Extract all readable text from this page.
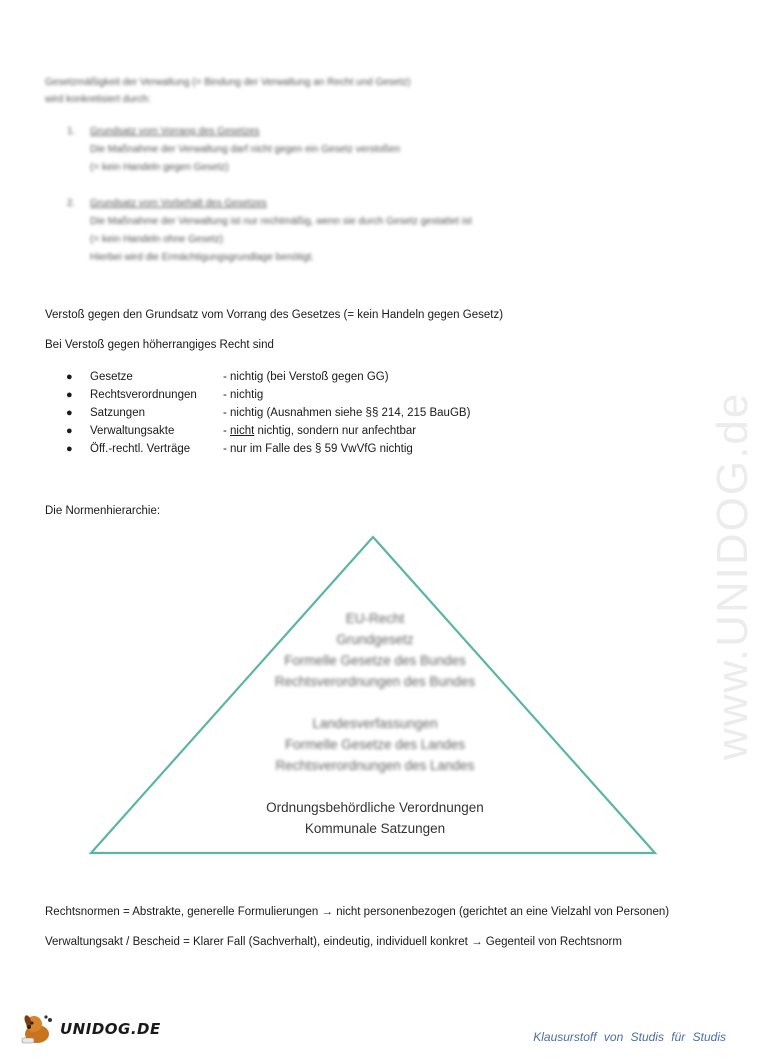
www.UNIDOG.de
Gesetzmäßigkeit der Verwaltung (= Bindung der Verwaltung an Recht und Gesetz)
wird konkretisiert durch:
1. Grundsatz vom Vorrang des Gesetzes
Die Maßnahme der Verwaltung darf nicht gegen ein Gesetz verstoßen
(= kein Handeln gegen Gesetz)
2. Grundsatz vom Vorbehalt des Gesetzes
Die Maßnahme der Verwaltung ist nur rechtmäßig, wenn sie durch Gesetz gestattet ist
(= kein Handeln ohne Gesetz)
Hierbei wird die Ermächtigungsgrundlage benötigt.
Verstoß gegen den Grundsatz vom Vorrang des Gesetzes (= kein Handeln gegen Gesetz)
Bei Verstoß gegen höherrangiges Recht sind
● Gesetze	- nichtig (bei Verstoß gegen GG)
● Rechtsverordnungen - nichtig
● Satzungen	- nichtig (Ausnahmen siehe §§ 214, 215 BauGB)
● Verwaltungsakte	- nicht nichtig, sondern nur anfechtbar
● Öff.-rechtl. Verträge	- nur im Falle des § 59 VwVfG nichtig
Die Normenhierarchie:
EU-Recht
Grundgesetz
Formelle Gesetze des Bundes
Rechtsverordnungen des Bundes
Landesverfassungen
Formelle Gesetze des Landes
Rechtsverordnungen des Landes
Ordnungsbehördliche Verordnungen
Kommunale Satzungen
Rechtsnormen = Abstrakte, generelle Formulierungen → nicht personenbezogen (gerichtet an eine Vielzahl von Personen)
Verwaltungsakt / Bescheid = Klarer Fall (Sachverhalt), eindeutig, individuell konkret → Gegenteil von Rechtsnorm
UNIDOG.DE	Klausurstoff von Studis für Studis
